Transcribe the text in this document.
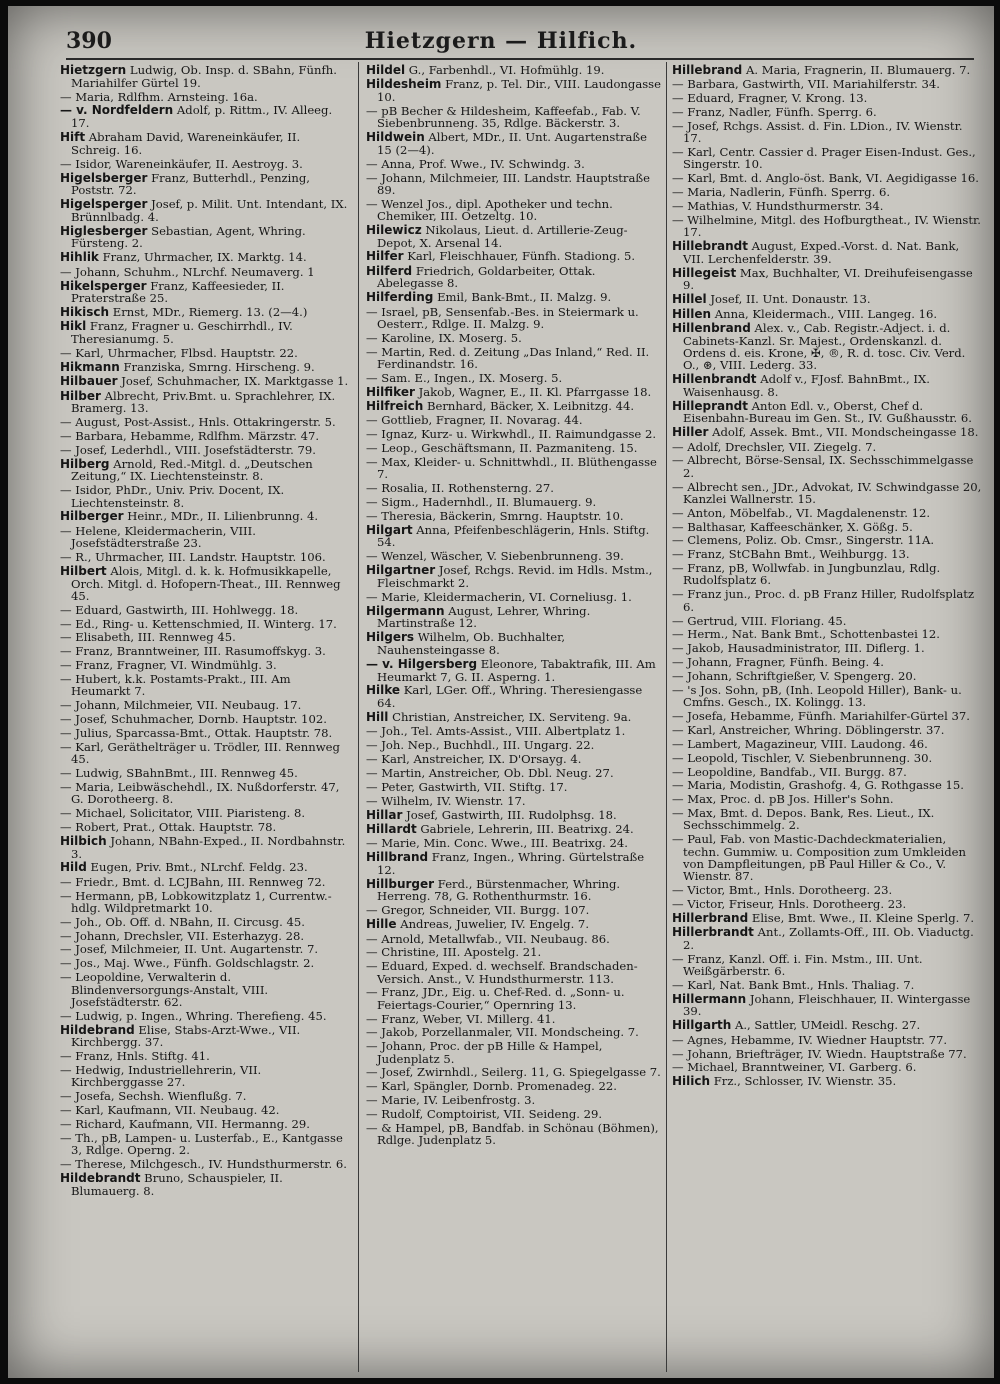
390	Hietzgern — Hilfich.
Hietzgern Ludwig, Ob. Insp. d. SBahn, Fünfh. Mariahilfer Gürtel 19.
— Maria, Rdlfhm. Arnsteing. 16a.
— v. Nordfeldern Adolf, p. Rittm., IV. Alleeg. 17.
Hift Abraham David, Wareneinkäufer, II. Schreig. 16.
— Isidor, Wareneinkäufer, II. Aestroyg. 3.
Higelsberger Franz, Butterhdl., Penzing, Poststr. 72.
Higelsperger Josef, p. Milit. Unt. Intendant, IX. Brünnlbadg. 4.
Higlesberger Sebastian, Agent, Whring. Fürsteng. 2.
Hihlik Franz, Uhrmacher, IX. Marktg. 14.
— Johann, Schuhm., NLrchf. Neumaverg. 1
Hikelsperger Franz, Kaffeesieder, II. Praterstraße 25.
Hikisch Ernst, MDr., Riemerg. 13. (2—4.)
Hikl Franz, Fragner u. Geschirrhdl., IV. Theresianumg. 5.
— Karl, Uhrmacher, Flbsd. Hauptstr. 22.
Hikmann Franziska, Smrng. Hirscheng. 9.
Hilbauer Josef, Schuhmacher, IX. Marktgasse 1.
Hilber Albrecht, Priv.Bmt. u. Sprachlehrer, IX. Bramerg. 13.
— August, Post-Assist., Hnls. Ottakringerstr. 5.
— Barbara, Hebamme, Rdlfhm. Märzstr. 47.
— Josef, Lederhdl., VIII. Josefstädterstr. 79.
Hilberg Arnold, Red.-Mitgl. d. „Deutschen Zeitung,“ IX. Liechtensteinstr. 8.
— Isidor, PhDr., Univ. Priv. Docent, IX. Liechtensteinstr. 8.
Hilberger Heinr., MDr., II. Lilienbrunng. 4.
— Helene, Kleidermacherin, VIII. Josefstädterstraße 23.
— R., Uhrmacher, III. Landstr. Hauptstr. 106.
Hilbert Alois, Mitgl. d. k. k. Hofmusikkapelle, Orch. Mitgl. d. Hofopern-Theat., III. Rennweg 45.
— Eduard, Gastwirth, III. Hohlwegg. 18.
— Ed., Ring- u. Kettenschmied, II. Winterg. 17.
— Elisabeth, III. Rennweg 45.
— Franz, Branntweiner, III. Rasumoffskyg. 3.
— Franz, Fragner, VI. Windmühlg. 3.
— Hubert, k.k. Postamts-Prakt., III. Am Heumarkt 7.
— Johann, Milchmeier, VII. Neubaug. 17.
— Josef, Schuhmacher, Dornb. Hauptstr. 102.
— Julius, Sparcassa-Bmt., Ottak. Hauptstr. 78.
— Karl, Geräthelträger u. Trödler, III. Rennweg 45.
— Ludwig, SBahnBmt., III. Rennweg 45.
— Maria, Leibwäschehdl., IX. Nußdorferstr. 47, G. Dorotheerg. 8.
— Michael, Solicitator, VIII. Piaristeng. 8.
— Robert, Prat., Ottak. Hauptstr. 78.
Hilbich Johann, NBahn-Exped., II. Nordbahnstr. 3.
Hild Eugen, Priv. Bmt., NLrchf. Feldg. 23.
— Friedr., Bmt. d. LCJBahn, III. Rennweg 72.
— Hermann, pB, Lobkowitzplatz 1, Currentw.-hdlg. Wildpretmarkt 10.
— Joh., Ob. Off. d. NBahn, II. Circusg. 45.
— Johann, Drechsler, VII. Esterhazyg. 28.
— Josef, Milchmeier, II. Unt. Augartenstr. 7.
— Jos., Maj. Wwe., Fünfh. Goldschlagstr. 2.
— Leopoldine, Verwalterin d. Blindenversorgungs-Anstalt, VIII. Josefstädterstr. 62.
— Ludwig, p. Ingen., Whring. Therefieng. 45.
Hildebrand Elise, Stabs-Arzt-Wwe., VII. Kirchbergg. 37.
— Franz, Hnls. Stiftg. 41.
— Hedwig, Industriellehrerin, VII. Kirchberggasse 27.
— Josefa, Sechsh. Wienflußg. 7.
— Karl, Kaufmann, VII. Neubaug. 42.
— Richard, Kaufmann, VII. Hermanng. 29.
— Th., pB, Lampen- u. Lusterfab., E., Kantgasse 3, Rdlge. Operng. 2.
— Therese, Milchgesch., IV. Hundsthurmerstr. 6.
Hildebrandt Bruno, Schauspieler, II. Blumauerg. 8.
Hildel G., Farbenhdl., VI. Hofmühlg. 19.
Hildesheim Franz, p. Tel. Dir., VIII. Laudongasse 10.
— pB Becher & Hildesheim, Kaffeefab., Fab. V. Siebenbrunneng. 35, Rdlge. Bäckerstr. 3.
Hildwein Albert, MDr., II. Unt. Augartenstraße 15 (2—4).
— Anna, Prof. Wwe., IV. Schwindg. 3.
— Johann, Milchmeier, III. Landstr. Hauptstraße 89.
— Wenzel Jos., dipl. Apotheker und techn. Chemiker, III. Oetzeltg. 10.
Hilewicz Nikolaus, Lieut. d. Artillerie-Zeug-Depot, X. Arsenal 14.
Hilfer Karl, Fleischhauer, Fünfh. Stadiong. 5.
Hilferd Friedrich, Goldarbeiter, Ottak. Abelegasse 8.
Hilferding Emil, Bank-Bmt., II. Malzg. 9.
— Israel, pB, Sensenfab.-Bes. in Steiermark u. Oesterr., Rdlge. II. Malzg. 9.
— Karoline, IX. Moserg. 5.
— Martin, Red. d. Zeitung „Das Inland,“ Red. II. Ferdinandstr. 16.
— Sam. E., Ingen., IX. Moserg. 5.
Hilfiker Jakob, Wagner, E., II. Kl. Pfarrgasse 18.
Hilfreich Bernhard, Bäcker, X. Leibnitzg. 44.
— Gottlieb, Fragner, II. Novarag. 44.
— Ignaz, Kurz- u. Wirkwhdl., II. Raimundgasse 2.
— Leop., Geschäftsmann, II. Pazmaniteng. 15.
— Max, Kleider- u. Schnittwhdl., II. Blüthengasse 7.
— Rosalia, II. Rothensterng. 27.
— Sigm., Hadernhdl., II. Blumauerg. 9.
— Theresia, Bäckerin, Smrng. Hauptstr. 10.
Hilgart Anna, Pfeifenbeschlägerin, Hnls. Stiftg. 54.
— Wenzel, Wäscher, V. Siebenbrunneng. 39.
Hilgartner Josef, Rchgs. Revid. im Hdls. Mstm., Fleischmarkt 2.
— Marie, Kleidermacherin, VI. Corneliusg. 1.
Hilgermann August, Lehrer, Whring. Martinstraße 12.
Hilgers Wilhelm, Ob. Buchhalter, Nauhensteingasse 8.
— v. Hilgersberg Eleonore, Tabaktrafik, III. Am Heumarkt 7, G. II. Asperng. 1.
Hilke Karl, LGer. Off., Whring. Theresiengasse 64.
Hill Christian, Anstreicher, IX. Serviteng. 9a.
— Joh., Tel. Amts-Assist., VIII. Albertplatz 1.
— Joh. Nep., Buchhdl., III. Ungarg. 22.
— Karl, Anstreicher, IX. D'Orsayg. 4.
— Martin, Anstreicher, Ob. Dbl. Neug. 27.
— Peter, Gastwirth, VII. Stiftg. 17.
— Wilhelm, IV. Wienstr. 17.
Hillar Josef, Gastwirth, III. Rudolphsg. 18.
Hillardt Gabriele, Lehrerin, III. Beatrixg. 24.
— Marie, Min. Conc. Wwe., III. Beatrixg. 24.
Hillbrand Franz, Ingen., Whring. Gürtelstraße 12.
Hillburger Ferd., Bürstenmacher, Whring. Herreng. 78, G. Rothenthurmstr. 16.
— Gregor, Schneider, VII. Burgg. 107.
Hille Andreas, Juwelier, IV. Engelg. 7.
— Arnold, Metallwfab., VII. Neubaug. 86.
— Christine, III. Apostelg. 21.
— Eduard, Exped. d. wechself. Brandschaden-Versich. Anst., V. Hundsthurmerstr. 113.
— Franz, JDr., Eig. u. Chef-Red. d. „Sonn- u. Feiertags-Courier,“ Opernring 13.
— Franz, Weber, VI. Millerg. 41.
— Jakob, Porzellanmaler, VII. Mondscheing. 7.
— Johann, Proc. der pB Hille & Hampel, Judenplatz 5.
— Josef, Zwirnhdl., Seilerg. 11, G. Spiegelgasse 7.
— Karl, Spängler, Dornb. Promenadeg. 22.
— Marie, IV. Leibenfrostg. 3.
— Rudolf, Comptoirist, VII. Seideng. 29.
— & Hampel, pB, Bandfab. in Schönau (Böhmen), Rdlge. Judenplatz 5.
Hillebrand A. Maria, Fragnerin, II. Blumauerg. 7.
— Barbara, Gastwirth, VII. Mariahilferstr. 34.
— Eduard, Fragner, V. Krong. 13.
— Franz, Nadler, Fünfh. Sperrg. 6.
— Josef, Rchgs. Assist. d. Fin. LDion., IV. Wienstr. 17.
— Karl, Centr. Cassier d. Prager Eisen-Indust. Ges., Singerstr. 10.
— Karl, Bmt. d. Anglo-öst. Bank, VI. Aegidigasse 16.
— Maria, Nadlerin, Fünfh. Sperrg. 6.
— Mathias, V. Hundsthurmerstr. 34.
— Wilhelmine, Mitgl. des Hofburgtheat., IV. Wienstr. 17.
Hillebrandt August, Exped.-Vorst. d. Nat. Bank, VII. Lerchenfelderstr. 39.
Hillegeist Max, Buchhalter, VI. Dreihufeisengasse 9.
Hillel Josef, II. Unt. Donaustr. 13.
Hillen Anna, Kleidermach., VIII. Langeg. 16.
Hillenbrand Alex. v., Cab. Registr.-Adject. i. d. Cabinets-Kanzl. Sr. Majest., Ordenskanzl. d. Ordens d. eis. Krone, ✠, ®, R. d. tosc. Civ. Verd. O., ⊛, VIII. Lederg. 33.
Hillenbrandt Adolf v., FJosf. BahnBmt., IX. Waisenhausg. 8.
Hilleprandt Anton Edl. v., Oberst, Chef d. Eisenbahn-Bureau im Gen. St., IV. Gußhausstr. 6.
Hiller Adolf, Assek. Bmt., VII. Mondscheingasse 18.
— Adolf, Drechsler, VII. Ziegelg. 7.
— Albrecht, Börse-Sensal, IX. Sechsschimmelgasse 2.
— Albrecht sen., JDr., Advokat, IV. Schwindgasse 20, Kanzlei Wallnerstr. 15.
— Anton, Möbelfab., VI. Magdalenenstr. 12.
— Balthasar, Kaffeeschänker, X. Gößg. 5.
— Clemens, Poliz. Ob. Cmsr., Singerstr. 11A.
— Franz, StCBahn Bmt., Weihburgg. 13.
— Franz, pB, Wollwfab. in Jungbunzlau, Rdlg. Rudolfsplatz 6.
— Franz jun., Proc. d. pB Franz Hiller, Rudolfsplatz 6.
— Gertrud, VIII. Floriang. 45.
— Herm., Nat. Bank Bmt., Schottenbastei 12.
— Jakob, Hausadministrator, III. Diflerg. 1.
— Johann, Fragner, Fünfh. Being. 4.
— Johann, Schriftgießer, V. Spengerg. 20.
— 's Jos. Sohn, pB, (Inh. Leopold Hiller), Bank- u. Cmfns. Gesch., IX. Kolingg. 13.
— Josefa, Hebamme, Fünfh. Mariahilfer-Gürtel 37.
— Karl, Anstreicher, Whring. Döblingerstr. 37.
— Lambert, Magazineur, VIII. Laudong. 46.
— Leopold, Tischler, V. Siebenbrunneng. 30.
— Leopoldine, Bandfab., VII. Burgg. 87.
— Maria, Modistin, Grashofg. 4, G. Rothgasse 15.
— Max, Proc. d. pB Jos. Hiller's Sohn.
— Max, Bmt. d. Depos. Bank, Res. Lieut., IX. Sechsschimmelg. 2.
— Paul, Fab. von Mastic-Dachdeckmaterialien, techn. Gummiw. u. Composition zum Umkleiden von Dampfleitungen, pB Paul Hiller & Co., V. Wienstr. 87.
— Victor, Bmt., Hnls. Dorotheerg. 23.
— Victor, Friseur, Hnls. Dorotheerg. 23.
Hillerbrand Elise, Bmt. Wwe., II. Kleine Sperlg. 7.
Hillerbrandt Ant., Zollamts-Off., III. Ob. Viaductg. 2.
— Franz, Kanzl. Off. i. Fin. Mstm., III. Unt. Weißgärberstr. 6.
— Karl, Nat. Bank Bmt., Hnls. Thaliag. 7.
Hillermann Johann, Fleischhauer, II. Wintergasse 39.
Hillgarth A., Sattler, UMeidl. Reschg. 27.
— Agnes, Hebamme, IV. Wiedner Hauptstr. 77.
— Johann, Briefträger, IV. Wiedn. Hauptstraße 77.
— Michael, Branntweiner, VI. Garberg. 6.
Hilich Frz., Schlosser, IV. Wienstr. 35.
